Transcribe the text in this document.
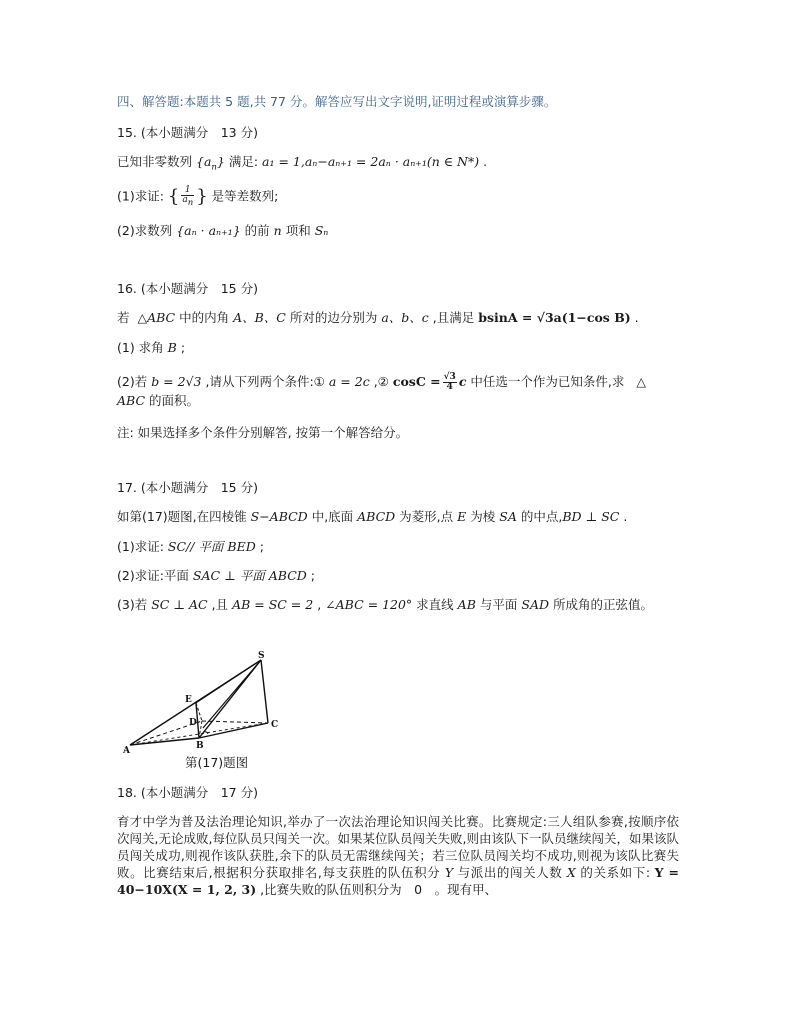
四、解答题:本题共 5 题,共 77 分。解答应写出文字说明,证明过程或演算步骤。
15. (本小题满分　13 分)
已知非零数列 $\{a_n\}$ 满足: a₁ = 1,aₙ−aₙ₊₁ = 2aₙ · aₙ₊₁(n ∈ N*) .
(1)求证: { $\frac{1}{a_n}$ } 是等差数列;
(2)求数列 {aₙ · aₙ₊₁} 的前 n 项和 Sₙ
16. (本小题满分　15 分)
若 △ABC 中的内角 A、B、C 所对的边分别为 a、b、c ,且满足 bsinA = √3a(1−cos B) .
(1) 求角 B ;
(2)若 b = 2√3 ,请从下列两个条件:① a = 2c ,② $\cos C = \frac{√3}{4}$ c 中任选一个作为已知条件,求 △
ABC 的面积。
注: 如果选择多个条件分别解答, 按第一个解答给分。
17. (本小题满分　15 分)
如第(17)题图,在四棱锥 S−ABCD 中,底面 ABCD 为菱形,点 E 为棱 SA 的中点,BD ⊥ SC .
(1)求证: SC// 平面 BED ;
(2)求证:平面 SAC ⊥ 平面 ABCD ;
(3)若 SC ⊥ AC ,且 AB = SC = 2 , ∠ABC = 120° 求直线 AB 与平面 SAD 所成角的正弦值。
S
E
D	C
A	B
第(17)题图
18. (本小题满分　17 分)
育才中学为普及法治理论知识,举办了一次法治理论知识闯关比赛。比赛规定:三人组队参赛,按顺序依次闯关,无论成败,每位队员只闯关一次。如果某位队员闯关失败,则由该队下一队员继续闯关，如果该队员闯关成功,则视作该队获胜,余下的队员无需继续闯关；若三位队员闯关均不成功,则视为该队比赛失败。比赛结束后,根据积分获取排名,每支获胜的队伍积分 Y 与派出的闯关人数 X 的关系如下: Y = 40−10X(X = 1, 2, 3) ,比赛失败的队伍则积分为　0　。现有甲、
